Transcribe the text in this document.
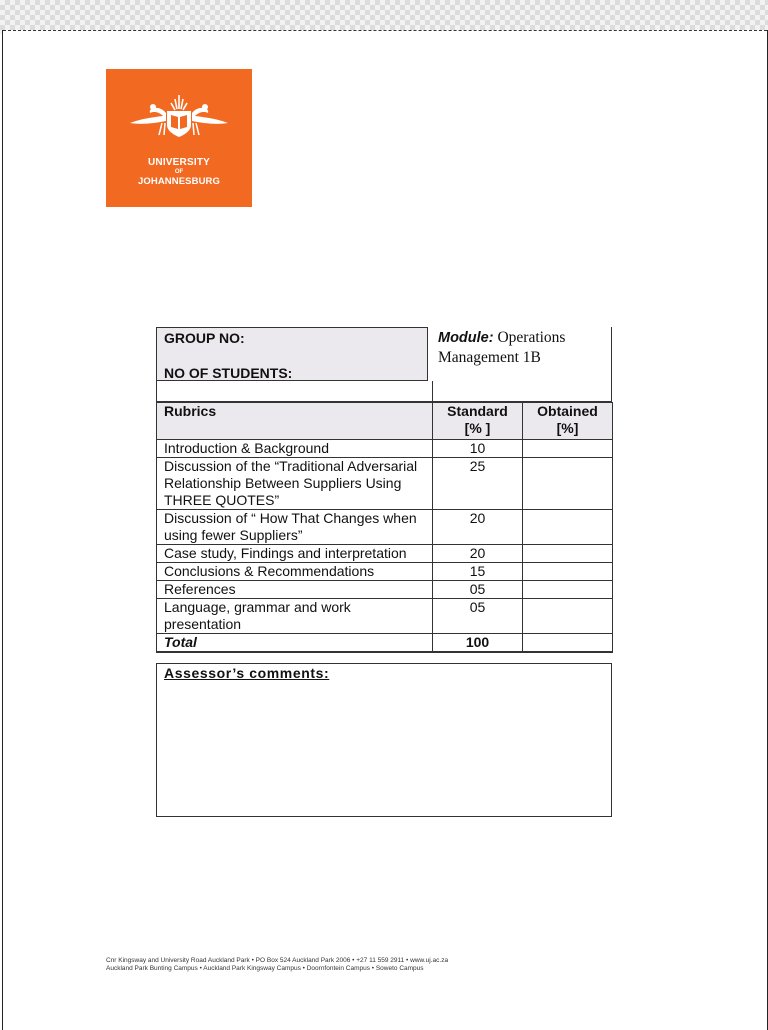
UNIVERSITY
OF
JOHANNESBURG
GROUP NO:
NO OF STUDENTS:
Module: Operations
Management 1B
Rubrics	Standard [% ]	Obtained [%]
Introduction & Background	10	
Discussion of the “Traditional Adversarial Relationship Between Suppliers Using THREE QUOTES”	25	
Discussion of “ How That Changes when using fewer Suppliers”	20	
Case study, Findings and interpretation	20	
Conclusions & Recommendations	15	
References	05	
Language, grammar and work presentation	05	
Total	100	
Assessor’s comments:
Cnr Kingsway and University Road Auckland Park • PO Box 524 Auckland Park 2006 • +27 11 559 2911 • www.uj.ac.za
Auckland Park Bunting Campus • Auckland Park Kingsway Campus • Doornfontein Campus • Soweto Campus
